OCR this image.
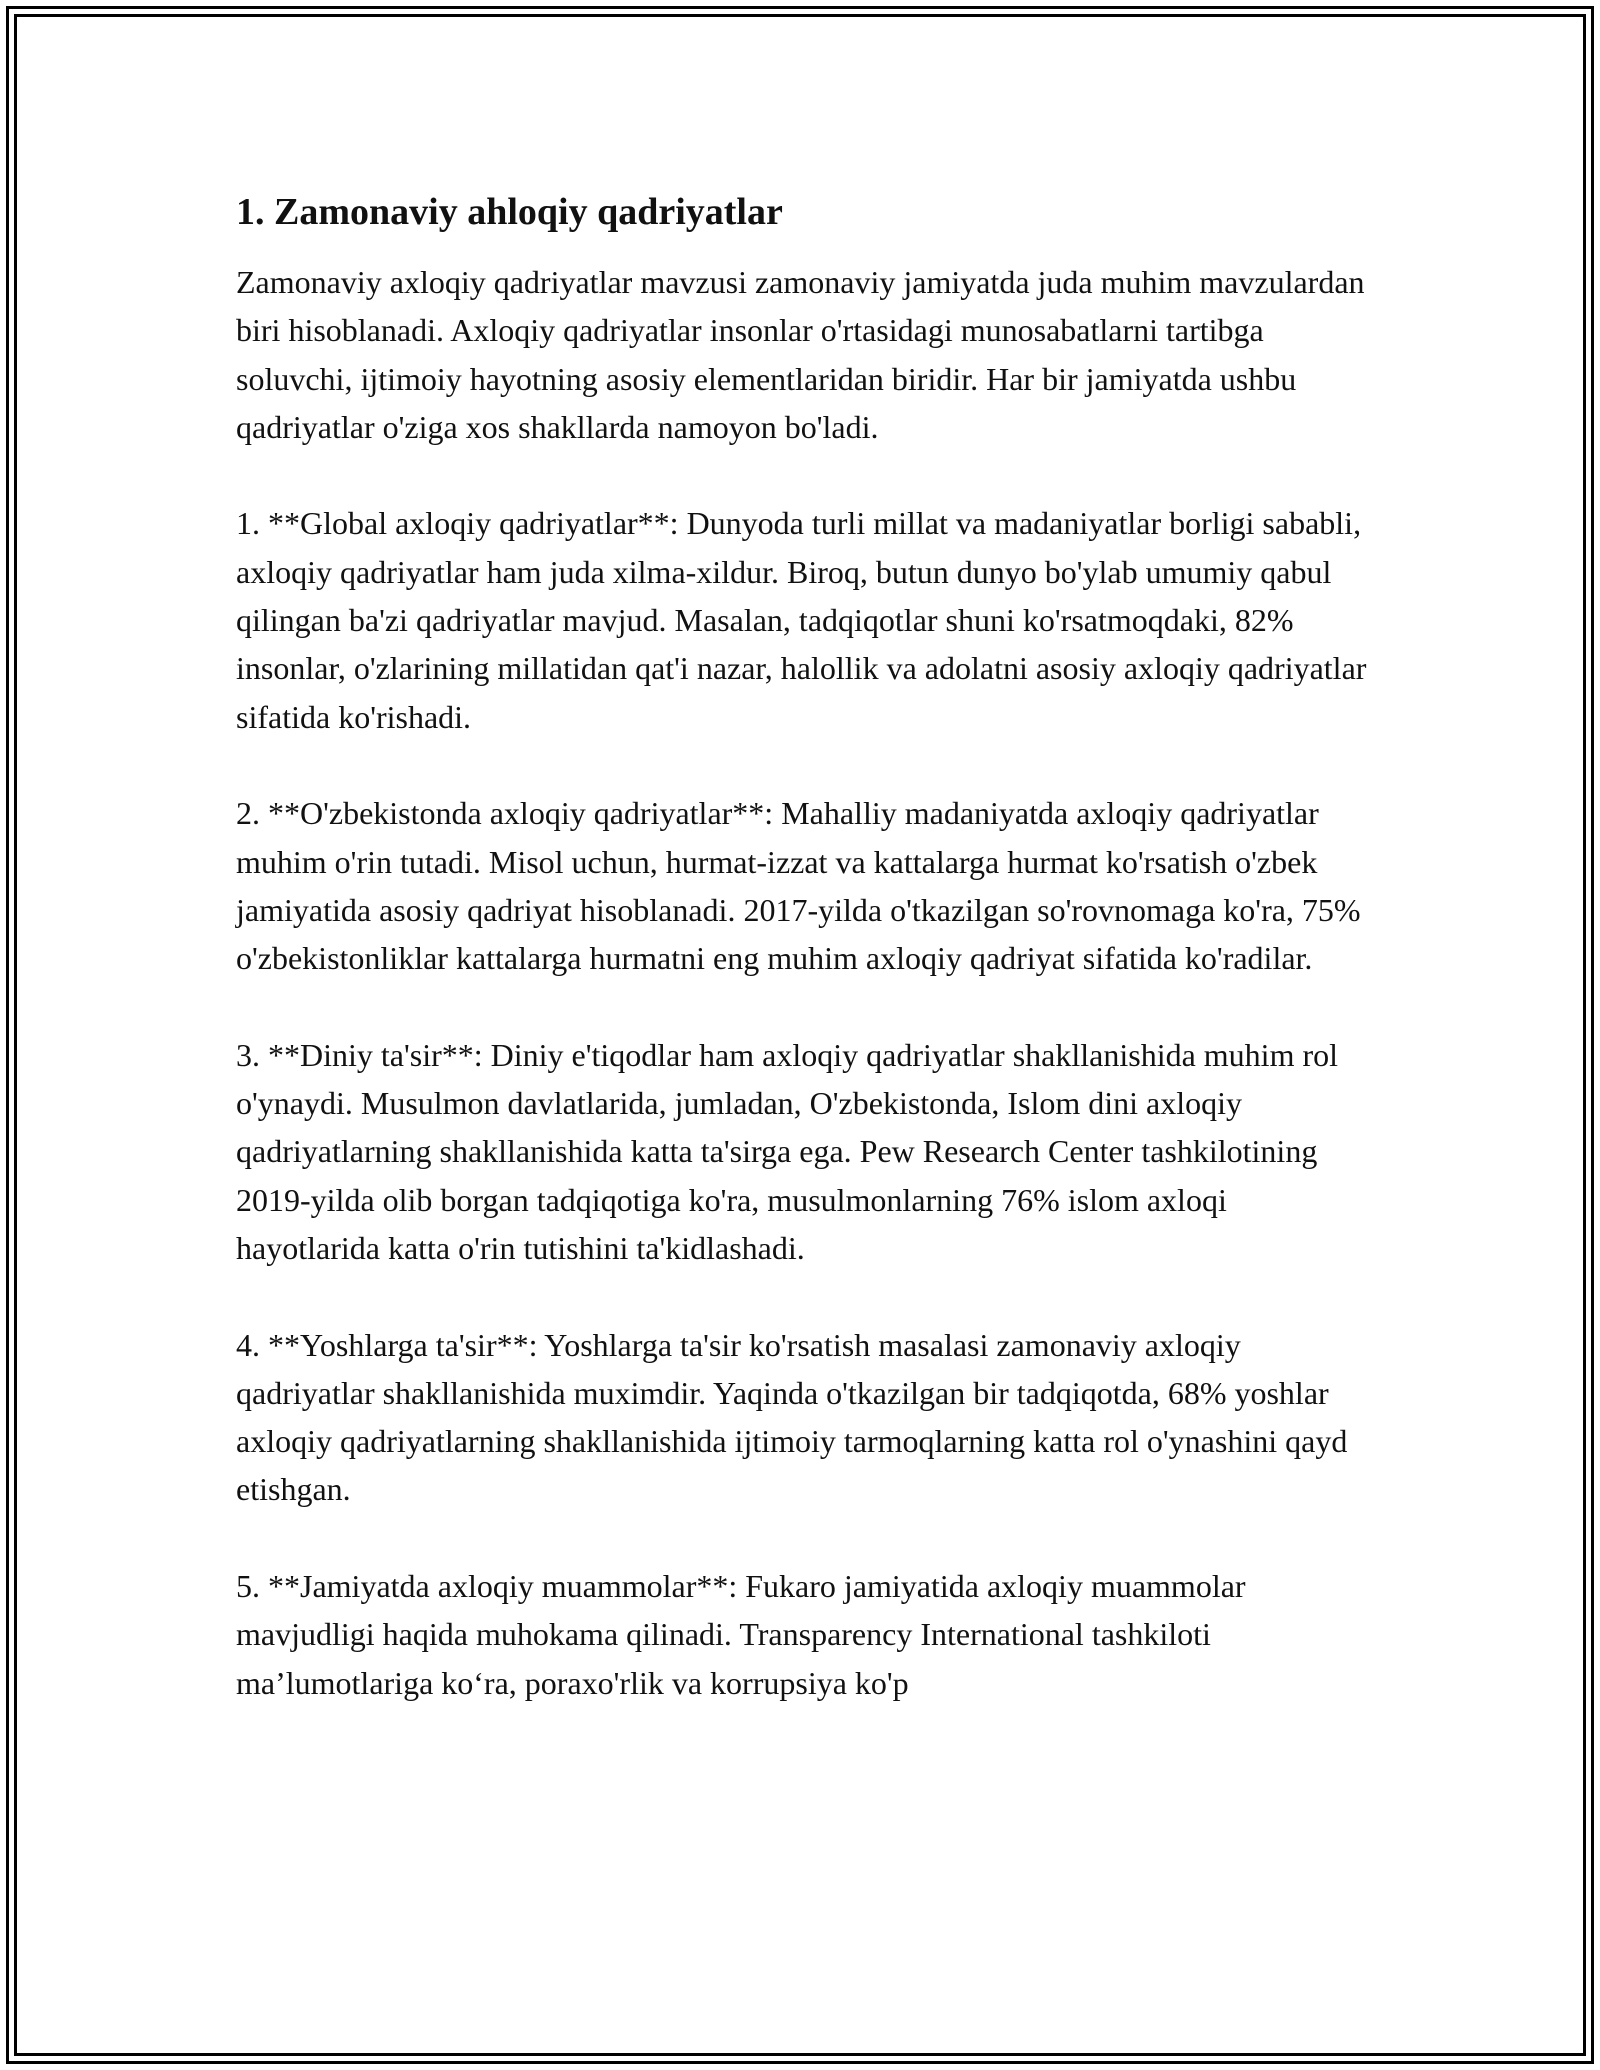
1. Zamonaviy ahloqiy qadriyatlar

Zamonaviy axloqiy qadriyatlar mavzusi zamonaviy jamiyatda juda muhim mavzulardan biri hisoblanadi. Axloqiy qadriyatlar insonlar o'rtasidagi munosabatlarni tartibga soluvchi, ijtimoiy hayotning asosiy elementlaridan biridir. Har bir jamiyatda ushbu qadriyatlar o'ziga xos shakllarda namoyon bo'ladi.

1. **Global axloqiy qadriyatlar**: Dunyoda turli millat va madaniyatlar borligi sababli, axloqiy qadriyatlar ham juda xilma-xildur. Biroq, butun dunyo bo'ylab umumiy qabul qilingan ba'zi qadriyatlar mavjud. Masalan, tadqiqotlar shuni ko'rsatmoqdaki, 82% insonlar, o'zlarining millatidan qat'i nazar, halollik va adolatni asosiy axloqiy qadriyatlar sifatida ko'rishadi.

2. **O'zbekistonda axloqiy qadriyatlar**: Mahalliy madaniyatda axloqiy qadriyatlar muhim o'rin tutadi. Misol uchun, hurmat-izzat va kattalarga hurmat ko'rsatish o'zbek jamiyatida asosiy qadriyat hisoblanadi. 2017-yilda o'tkazilgan so'rovnomaga ko'ra, 75% o'zbekistonliklar kattalarga hurmatni eng muhim axloqiy qadriyat sifatida ko'radilar.

3. **Diniy ta'sir**: Diniy e'tiqodlar ham axloqiy qadriyatlar shakllanishida muhim rol o'ynaydi. Musulmon davlatlarida, jumladan, O'zbekistonda, Islom dini axloqiy qadriyatlarning shakllanishida katta ta'sirga ega. Pew Research Center tashkilotining 2019-yilda olib borgan tadqiqotiga ko'ra, musulmonlarning 76% islom axloqi hayotlarida katta o'rin tutishini ta'kidlashadi.

4. **Yoshlarga ta'sir**: Yoshlarga ta'sir ko'rsatish masalasi zamonaviy axloqiy qadriyatlar shakllanishida muximdir. Yaqinda o'tkazilgan bir tadqiqotda, 68% yoshlar axloqiy qadriyatlarning shakllanishida ijtimoiy tarmoqlarning katta rol o'ynashini qayd etishgan.

5. **Jamiyatda axloqiy muammolar**: Fukaro jamiyatida axloqiy muammolar mavjudligi haqida muhokama qilinadi. Transparency International tashkiloti ma’lumotlariga ko‘ra, poraxo'rlik va korrupsiya ko'p
